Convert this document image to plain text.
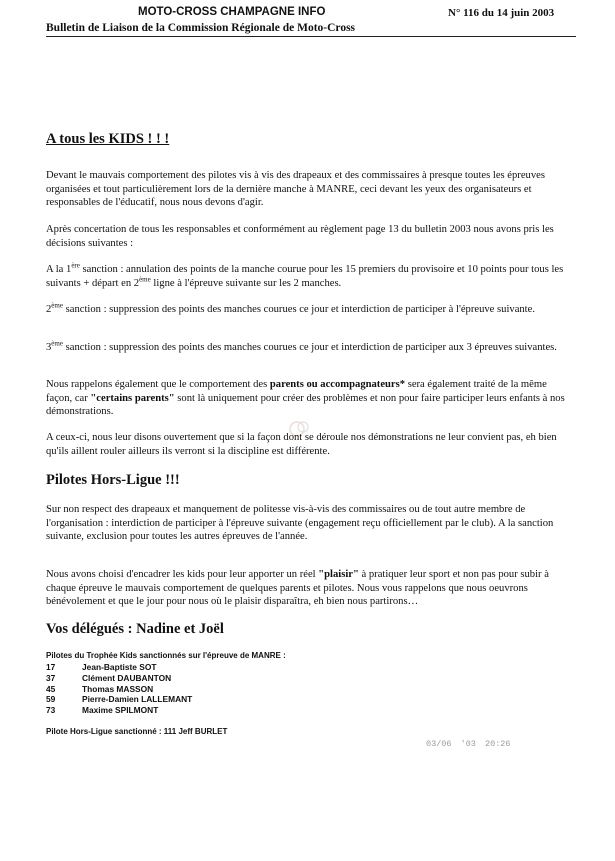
MOTO-CROSS CHAMPAGNE INFO	N° 116 du 14 juin 2003
Bulletin de Liaison de la Commission Régionale de Moto-Cross
A tous les KIDS ! ! !

Devant le mauvais comportement des pilotes vis à vis des drapeaux et des commissaires à presque toutes les épreuves organisées et tout particulièrement lors de la dernière manche à MANRE, ceci devant les yeux des organisateurs et responsables de l'éducatif, nous nous devons d'agir.

Après concertation de tous les responsables et conformément au règlement page 13 du bulletin 2003 nous avons pris les décisions suivantes :

A la 1ère sanction : annulation des points de la manche courue pour les 15 premiers du provisoire et 10 points pour tous les suivants + départ en 2ème ligne à l'épreuve suivante sur les 2 manches.

2ème sanction : suppression des points des manches courues ce jour et interdiction de participer à l'épreuve suivante.

3ème sanction : suppression des points des manches courues ce jour et interdiction de participer aux 3 épreuves suivantes.

Nous rappelons également que le comportement des parents ou accompagnateurs* sera également traité de la même façon, car "certains parents" sont là uniquement pour créer des problèmes et non pour faire participer leurs enfants à nos démonstrations.

A ceux-ci, nous leur disons ouvertement que si la façon dont se déroule nos démonstrations ne leur convient pas, eh bien qu'ils aillent rouler ailleurs ils verront si la discipline est différente.

Pilotes Hors-Ligue !!!

Sur non respect des drapeaux et manquement de politesse vis-à-vis des commissaires ou de tout autre membre de l'organisation : interdiction de participer à l'épreuve suivante (engagement reçu officiellement par le club). A la sanction suivante, exclusion pour toutes les autres épreuves de l'année.

Nous avons choisi d'encadrer les kids pour leur apporter un réel "plaisir" à pratiquer leur sport et non pas pour subir à chaque épreuve le mauvais comportement de quelques parents et pilotes. Nous vous rappelons que nous oeuvrons bénévolement et que le jour pour nous où le plaisir disparaîtra, eh bien nous partirons…

Vos délégués : Nadine et Joël

Pilotes du Trophée Kids sanctionnés sur l'épreuve de MANRE :

17	Jean-Baptiste SOT
37	Clément DAUBANTON
45	Thomas MASSON
59	Pierre-Damien LALLEMANT
73	Maxime SPILMONT

Pilote Hors-Ligue sanctionné : 111 Jeff BURLET

03/06 '03 20:26
